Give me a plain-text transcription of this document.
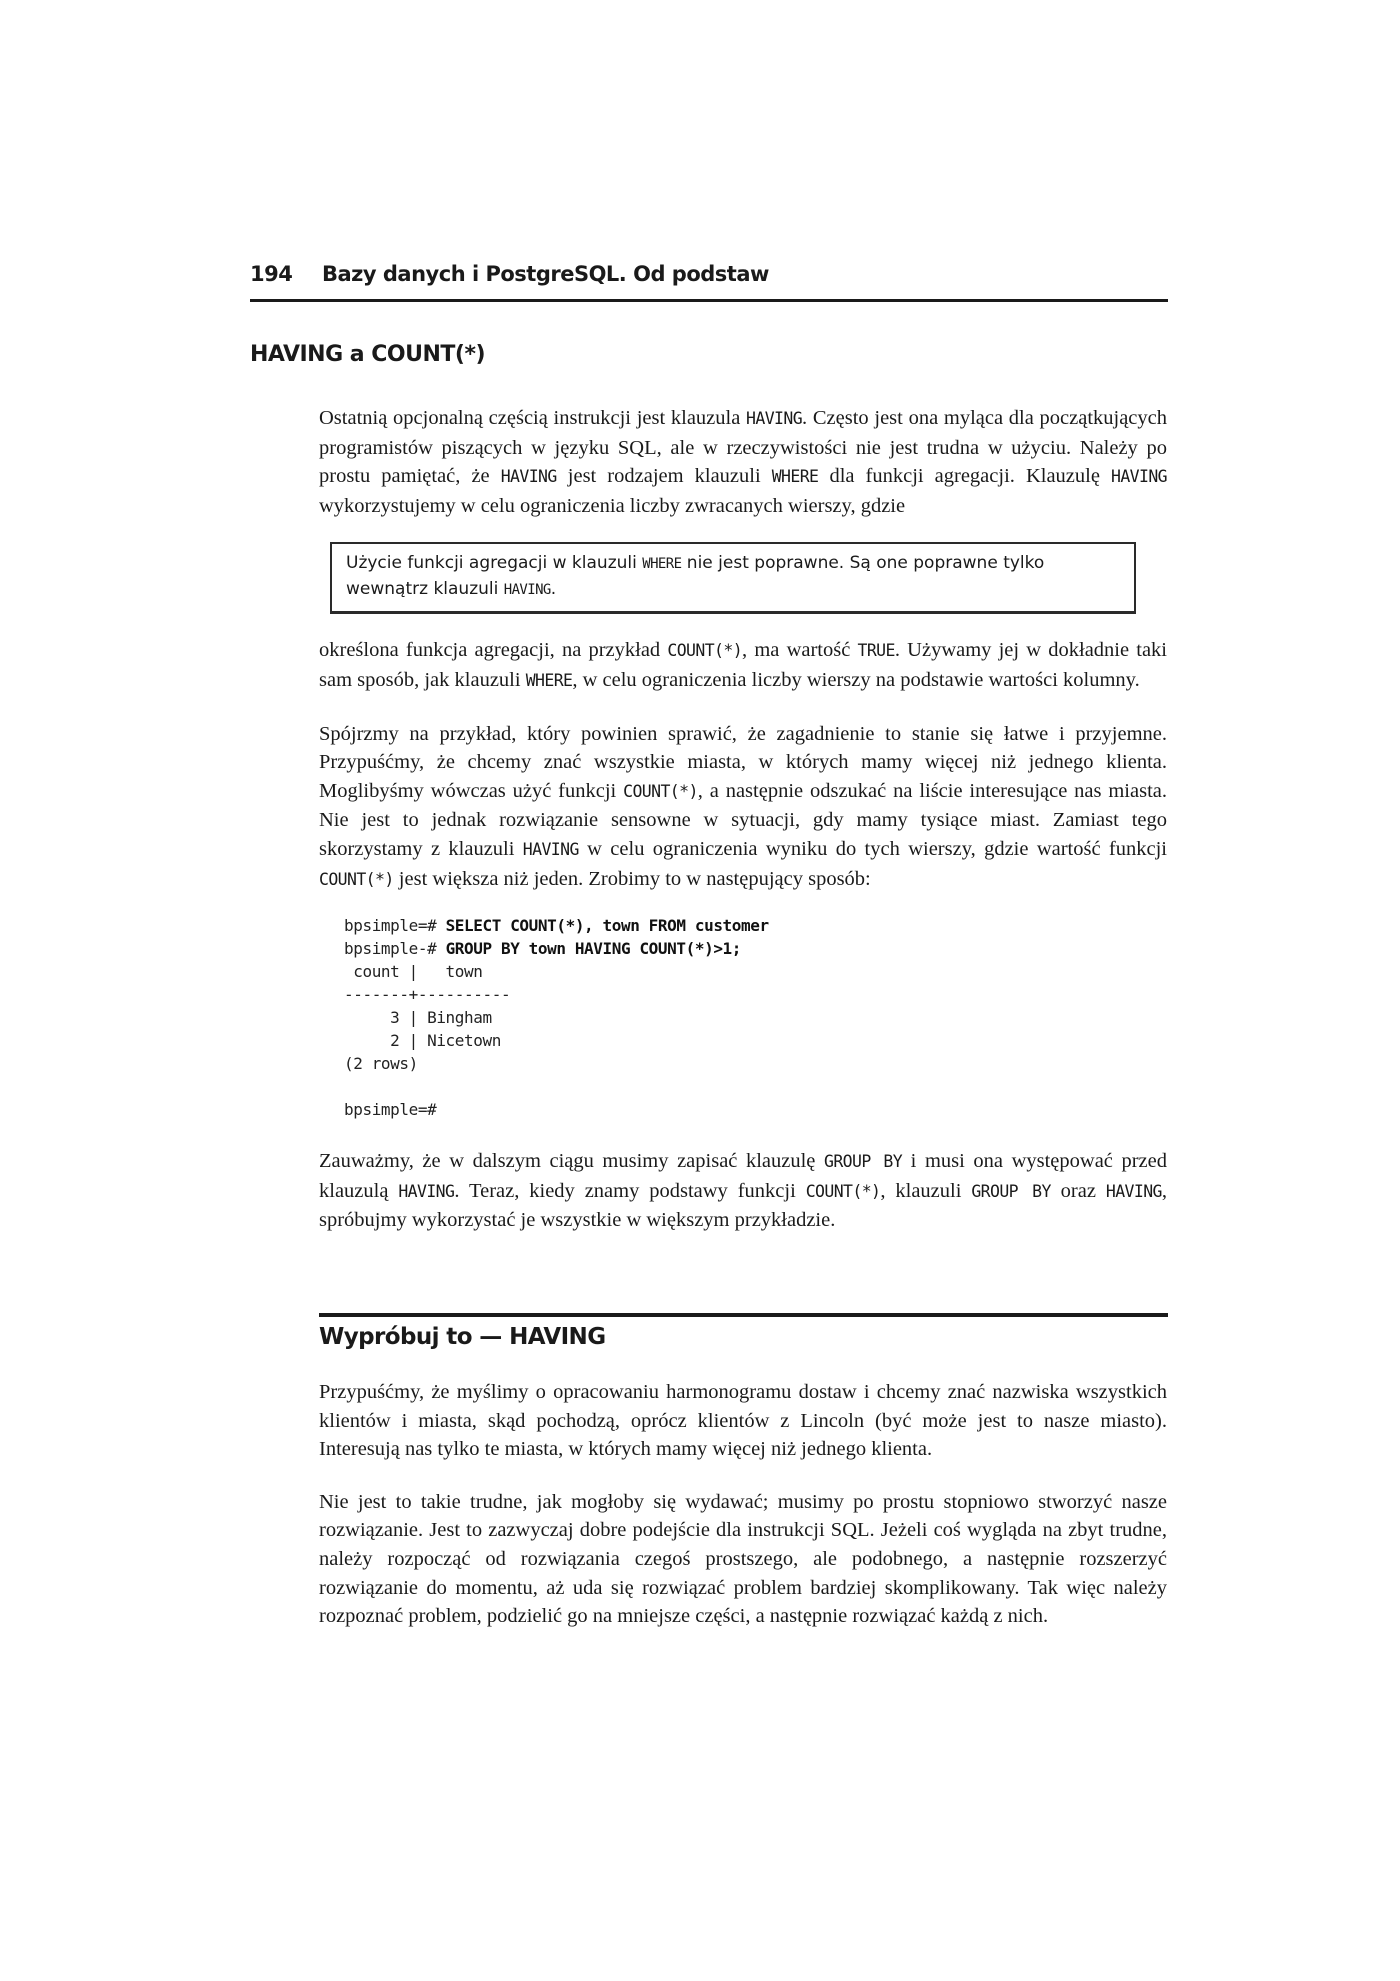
194	Bazy danych i PostgreSQL. Od podstaw
HAVING a COUNT(*)

Ostatnią opcjonalną częścią instrukcji jest klauzula HAVING. Często jest ona myląca dla początkujących programistów piszących w języku SQL, ale w rzeczywistości nie jest trudna w użyciu. Należy po prostu pamiętać, że HAVING jest rodzajem klauzuli WHERE dla funkcji agregacji. Klauzulę HAVING wykorzystujemy w celu ograniczenia liczby zwracanych wierszy, gdzie

Użycie funkcji agregacji w klauzuli WHERE nie jest poprawne. Są one poprawne tylko wewnątrz klauzuli HAVING.

określona funkcja agregacji, na przykład COUNT(*), ma wartość TRUE. Używamy jej w dokładnie taki sam sposób, jak klauzuli WHERE, w celu ograniczenia liczby wierszy na podstawie wartości kolumny.

Spójrzmy na przykład, który powinien sprawić, że zagadnienie to stanie się łatwe i przyjemne. Przypuśćmy, że chcemy znać wszystkie miasta, w których mamy więcej niż jednego klienta. Moglibyśmy wówczas użyć funkcji COUNT(*), a następnie odszukać na liście interesujące nas miasta. Nie jest to jednak rozwiązanie sensowne w sytuacji, gdy mamy tysiące miast. Zamiast tego skorzystamy z klauzuli HAVING w celu ograniczenia wyniku do tych wierszy, gdzie wartość funkcji COUNT(*) jest większa niż jeden. Zrobimy to w następujący sposób:

bpsimple=# SELECT COUNT(*), town FROM customer
bpsimple-# GROUP BY town HAVING COUNT(*)>1;
count |   town
-------+----------
3 | Bingham
2 | Nicetown
(2 rows)

bpsimple=#

Zauważmy, że w dalszym ciągu musimy zapisać klauzulę GROUP BY i musi ona występować przed klauzulą HAVING. Teraz, kiedy znamy podstawy funkcji COUNT(*), klauzuli GROUP BY oraz HAVING, spróbujmy wykorzystać je wszystkie w większym przykładzie.

Wypróbuj to — HAVING

Przypuśćmy, że myślimy o opracowaniu harmonogramu dostaw i chcemy znać nazwiska wszystkich klientów i miasta, skąd pochodzą, oprócz klientów z Lincoln (być może jest to nasze miasto). Interesują nas tylko te miasta, w których mamy więcej niż jednego klienta.

Nie jest to takie trudne, jak mogłoby się wydawać; musimy po prostu stopniowo stworzyć nasze rozwiązanie. Jest to zazwyczaj dobre podejście dla instrukcji SQL. Jeżeli coś wygląda na zbyt trudne, należy rozpocząć od rozwiązania czegoś prostszego, ale podobnego, a następnie rozszerzyć rozwiązanie do momentu, aż uda się rozwiązać problem bardziej skomplikowany. Tak więc należy rozpoznać problem, podzielić go na mniejsze części, a następnie rozwiązać każdą z nich.
